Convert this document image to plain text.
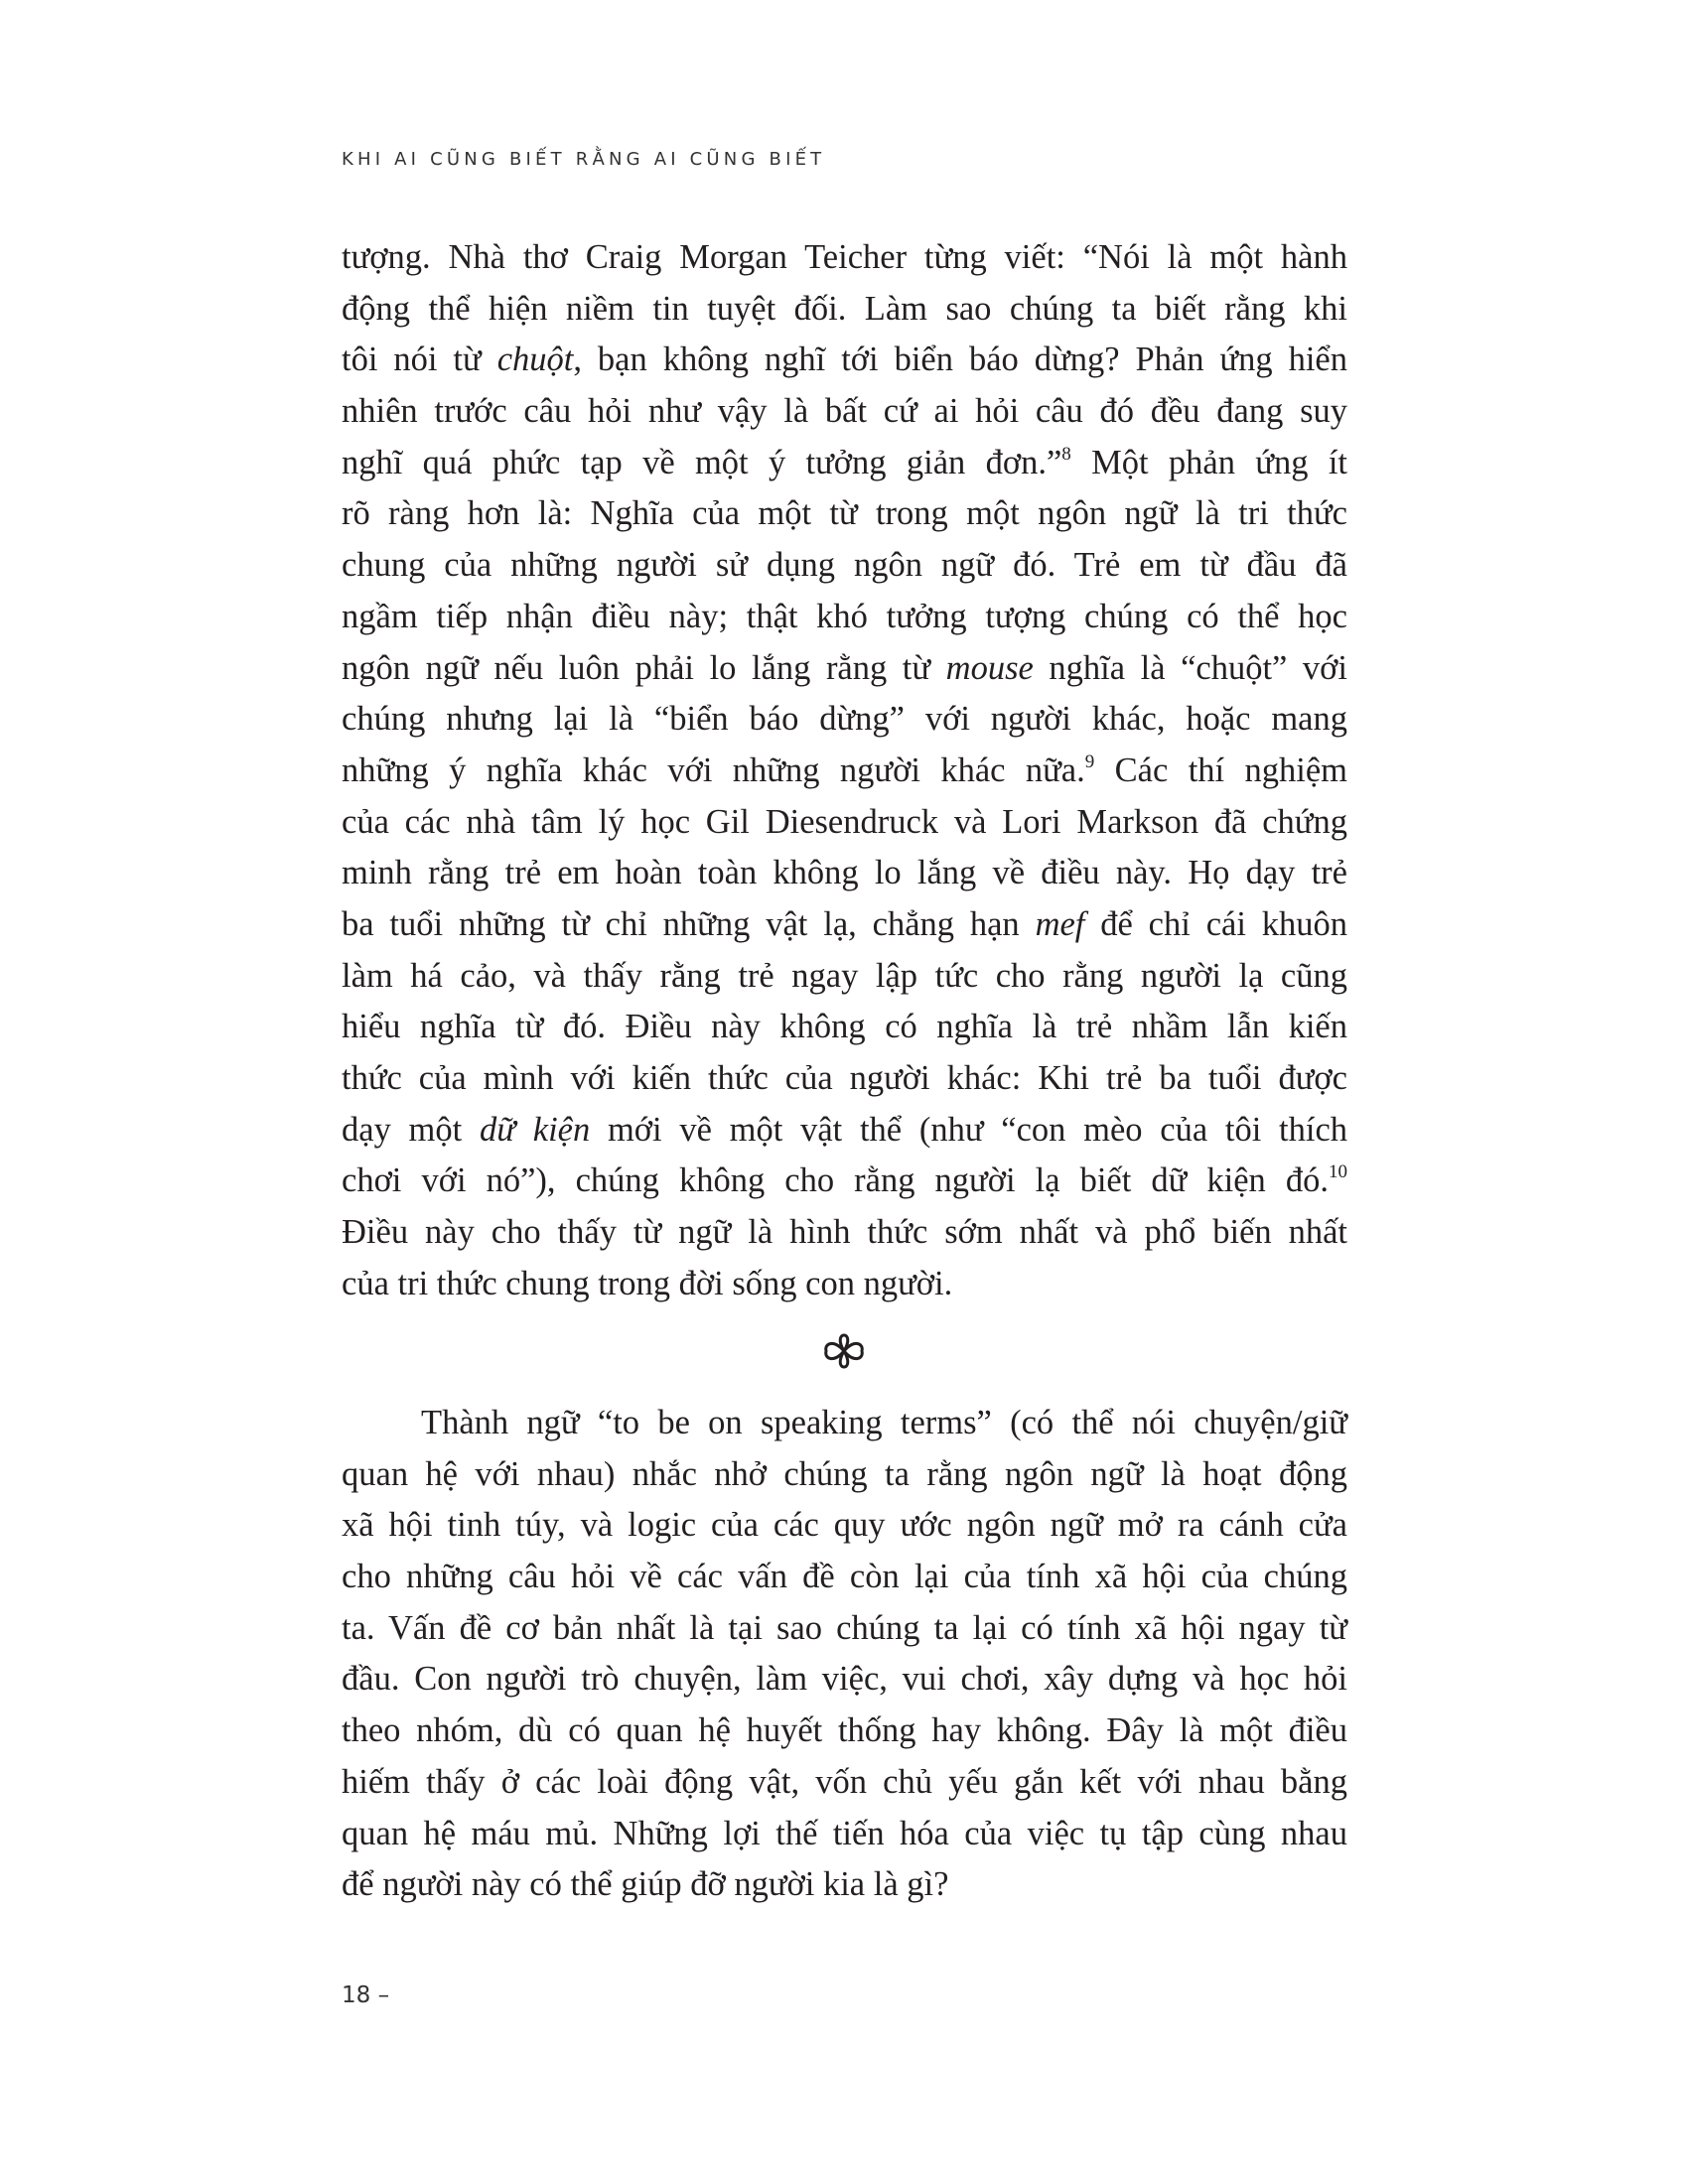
KHI AI CŨNG BIẾT RẰNG AI CŨNG BIẾT
tượng. Nhà thơ Craig Morgan Teicher từng viết: “Nói là một hành
động thể hiện niềm tin tuyệt đối. Làm sao chúng ta biết rằng khi
tôi nói từ chuột, bạn không nghĩ tới biển báo dừng? Phản ứng hiển
nhiên trước câu hỏi như vậy là bất cứ ai hỏi câu đó đều đang suy
nghĩ quá phức tạp về một ý tưởng giản đơn.”$^8$ Một phản ứng ít
rõ ràng hơn là: Nghĩa của một từ trong một ngôn ngữ là tri thức
chung của những người sử dụng ngôn ngữ đó. Trẻ em từ đầu đã
ngầm tiếp nhận điều này; thật khó tưởng tượng chúng có thể học
ngôn ngữ nếu luôn phải lo lắng rằng từ mouse nghĩa là “chuột” với
chúng nhưng lại là “biển báo dừng” với người khác, hoặc mang
những ý nghĩa khác với những người khác nữa.$^9$ Các thí nghiệm
của các nhà tâm lý học Gil Diesendruck và Lori Markson đã chứng
minh rằng trẻ em hoàn toàn không lo lắng về điều này. Họ dạy trẻ
ba tuổi những từ chỉ những vật lạ, chẳng hạn mef để chỉ cái khuôn
làm há cảo, và thấy rằng trẻ ngay lập tức cho rằng người lạ cũng
hiểu nghĩa từ đó. Điều này không có nghĩa là trẻ nhầm lẫn kiến
thức của mình với kiến thức của người khác: Khi trẻ ba tuổi được
dạy một dữ kiện mới về một vật thể (như “con mèo của tôi thích
chơi với nó”), chúng không cho rằng người lạ biết dữ kiện đó.$^{10}$
Điều này cho thấy từ ngữ là hình thức sớm nhất và phổ biến nhất
của tri thức chung trong đời sống con người.
Thành ngữ “to be on speaking terms” (có thể nói chuyện/giữ
quan hệ với nhau) nhắc nhở chúng ta rằng ngôn ngữ là hoạt động
xã hội tinh túy, và logic của các quy ước ngôn ngữ mở ra cánh cửa
cho những câu hỏi về các vấn đề còn lại của tính xã hội của chúng
ta. Vấn đề cơ bản nhất là tại sao chúng ta lại có tính xã hội ngay từ
đầu. Con người trò chuyện, làm việc, vui chơi, xây dựng và học hỏi
theo nhóm, dù có quan hệ huyết thống hay không. Đây là một điều
hiếm thấy ở các loài động vật, vốn chủ yếu gắn kết với nhau bằng
quan hệ máu mủ. Những lợi thế tiến hóa của việc tụ tập cùng nhau
để người này có thể giúp đỡ người kia là gì?
18 –
